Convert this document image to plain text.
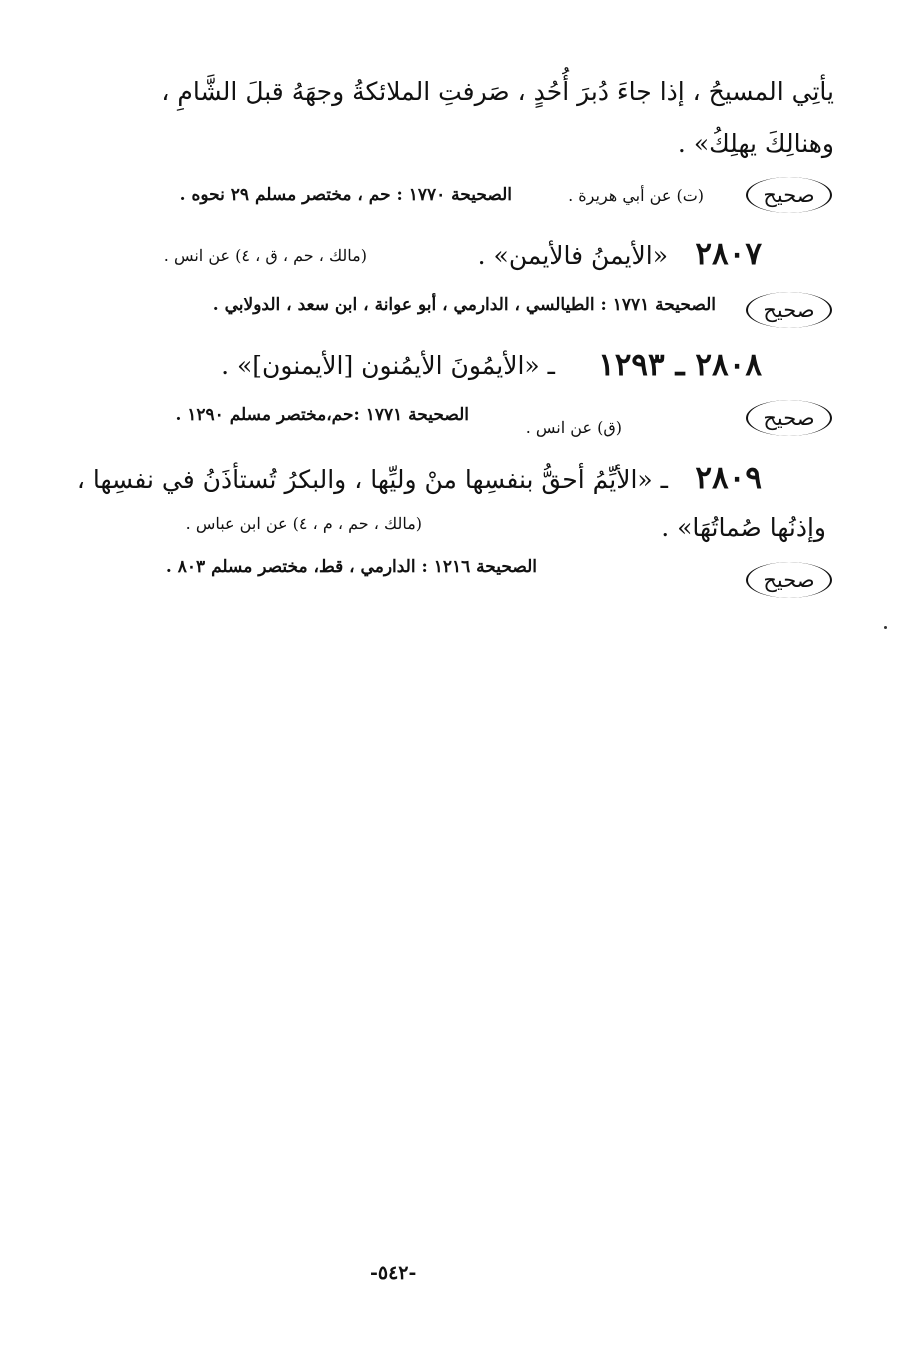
يأتِي المسيحُ ، إذا جاءَ دُبرَ أُحُدٍ ، صَرفتِ الملائكةُ وجهَهُ قبلَ الشَّامِ ،
وهنالِكَ يهلِكُ» .
صحيح
(ت) عن أبي هريرة .
الصحيحة ١٧٧٠ : حم ، مختصر مسلم ٢٩ نحوه .
٢٨٠٧
«الأيمنُ فالأيمن» .
(مالك ، حم ، ق ، ٤) عن انس .
صحيح
الصحيحة ١٧٧١ : الطيالسي ، الدارمي ، أبو عوانة ، ابن سعد ، الدولابي .
٢٨٠٨ ـ ١٢٩٣
ـ «الأيمُونَ الأيمُنون [الأيمنون]» .
صحيح
(ق) عن انس .
الصحيحة ١٧٧١ :حم،مختصر مسلم ١٢٩٠ .
٢٨٠٩
ـ «الأيِّمُ أحقُّ بنفسِها منْ وليِّها ، والبكرُ تُستأذَنُ في نفسِها ،
وإذنُها صُماتُهَا» .
(مالك ، حم ، م ، ٤) عن ابن عباس .
صحيح
الصحيحة ١٢١٦ : الدارمي ، قط، مختصر مسلم ٨٠٣ .
-٥٤٢-
